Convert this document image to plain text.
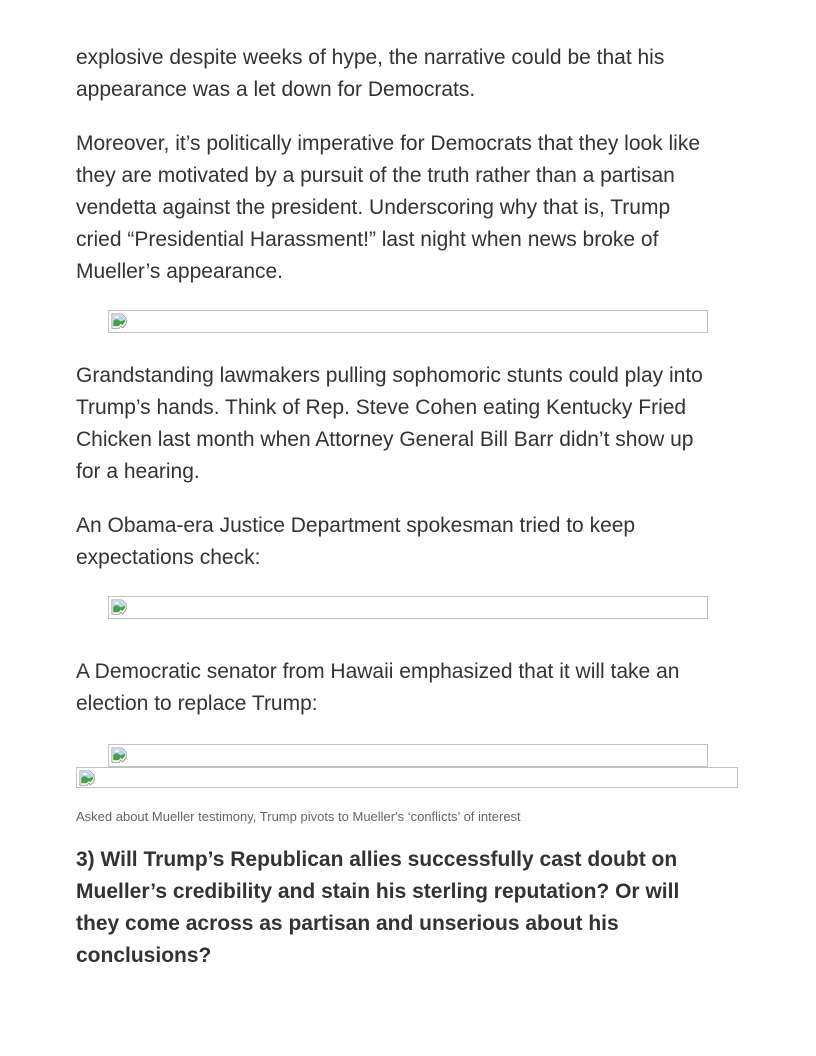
explosive despite weeks of hype, the narrative could be that his
appearance was a let down for Democrats.

Moreover, it’s politically imperative for Democrats that they look like
they are motivated by a pursuit of the truth rather than a partisan
vendetta against the president. Underscoring why that is, Trump
cried “Presidential Harassment!” last night when news broke of
Mueller’s appearance.

Grandstanding lawmakers pulling sophomoric stunts could play into
Trump’s hands. Think of Rep. Steve Cohen eating Kentucky Fried
Chicken last month when Attorney General Bill Barr didn’t show up
for a hearing.

An Obama-era Justice Department spokesman tried to keep
expectations check:

A Democratic senator from Hawaii emphasized that it will take an
election to replace Trump:

Asked about Mueller testimony, Trump pivots to Mueller's ‘conflicts’ of interest
3) Will Trump’s Republican allies successfully cast doubt on
Mueller’s credibility and stain his sterling reputation? Or will
they come across as partisan and unserious about his
conclusions?
